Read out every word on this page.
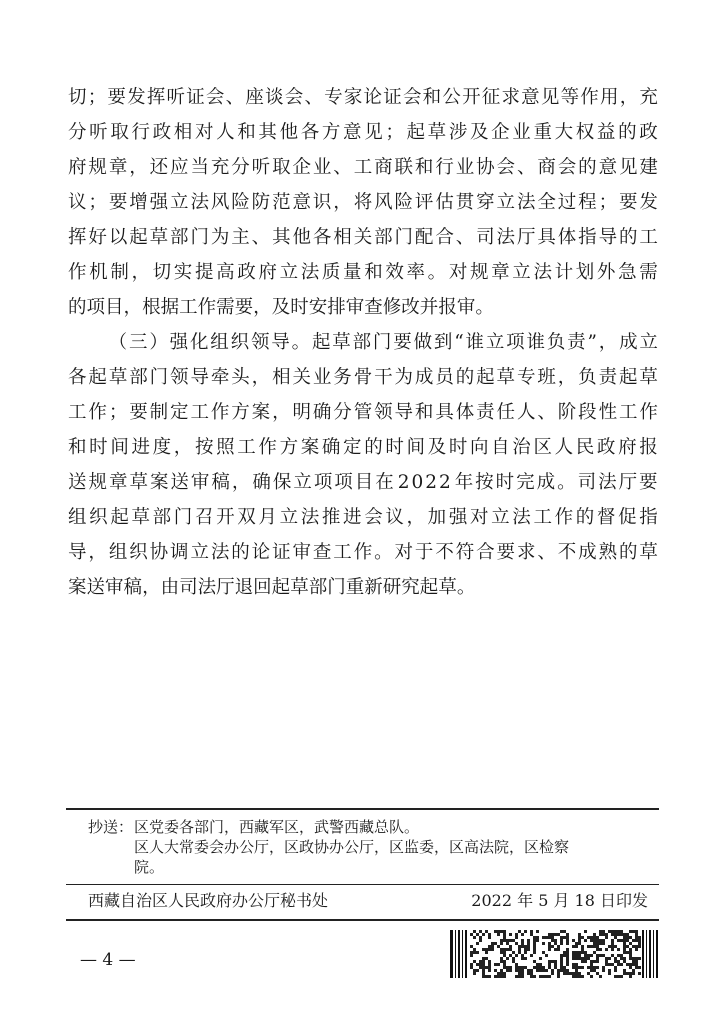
切 ； 要 发 挥 听 证 会 、 座 谈 会 、 专 家 论 证 会 和 公 开 征 求 意 见 等 作 用 ， 充
分 听 取 行 政 相 对 人 和 其 他 各 方 意 见 ； 起 草 涉 及 企 业 重 大 权 益 的 政
府 规 章 ， 还 应 当 充 分 听 取 企 业 、 工 商 联 和 行 业 协 会 、 商 会 的 意 见 建
议 ； 要 增 强 立 法 风 险 防 范 意 识 ， 将 风 险 评 估 贯 穿 立 法 全 过 程 ； 要 发
挥 好 以 起 草 部 门 为 主 、 其 他 各 相 关 部 门 配 合 、 司 法 厅 具 体 指 导 的 工
作 机 制 ， 切 实 提 高 政 府 立 法 质 量 和 效 率 。 对 规 章 立 法 计 划 外 急 需
的 项 目 ， 根 据 工 作 需 要 ， 及 时 安 排 审 查 修 改 并 报 审 。

（ 三 ） 强 化 组 织 领 导 。 起 草 部 门 要 做 到 “ 谁 立 项 谁 负 责 ” ， 成 立
各 起 草 部 门 领 导 牵 头 ， 相 关 业 务 骨 干 为 成 员 的 起 草 专 班 ， 负 责 起 草
工 作 ； 要 制 定 工 作 方 案 ， 明 确 分 管 领 导 和 具 体 责 任 人 、 阶 段 性 工 作
和 时 间 进 度 ， 按 照 工 作 方 案 确 定 的 时 间 及 时 向 自 治 区 人 民 政 府 报
送 规 章 草 案 送 审 稿 ， 确 保 立 项 项 目 在 2 0 2 2 年 按 时 完 成 。 司 法 厅 要
组 织 起 草 部 门 召 开 双 月 立 法 推 进 会 议 ， 加 强 对 立 法 工 作 的 督 促 指
导 ， 组 织 协 调 立 法 的 论 证 审 查 工 作 。 对 于 不 符 合 要 求 、 不 成 熟 的 草
案 送 审 稿 ， 由 司 法 厅 退 回 起 草 部 门 重 新 研 究 起 草 。
抄送： 区党委各部门，西藏军区，武警西藏总队。
区人大常委会办公厅，区政协办公厅，区监委，区高法院，区检察
院。
西藏自治区人民政府办公厅秘书处	2022 年 5 月 18 日印发
— 4 —
